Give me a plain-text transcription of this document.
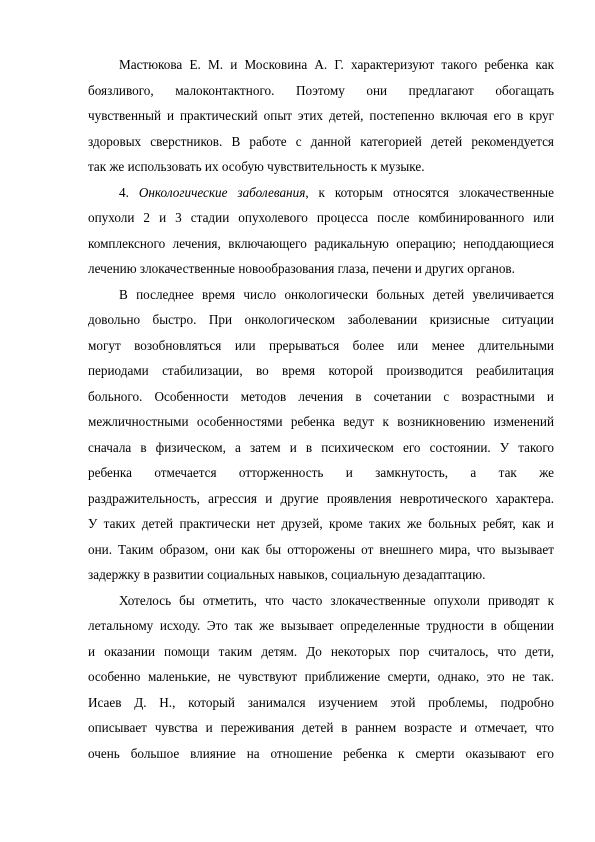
Мастюкова Е. М. и Московина А. Г. характеризуют такого ребенка как
боязливого, малоконтактного. Поэтому они предлагают обогащать
чувственный и практический опыт этих детей, постепенно включая его в круг
здоровых сверстников. В работе с данной категорией детей рекомендуется
так же использовать их особую чувствительность к музыке.

4. Онкологические заболевания, к которым относятся злокачественные
опухоли 2 и 3 стадии опухолевого процесса после комбинированного или
комплексного лечения, включающего радикальную операцию; неподдающиеся
лечению злокачественные новообразования глаза, печени и других органов.

В последнее время число онкологически больных детей увеличивается
довольно быстро. При онкологическом заболевании кризисные ситуации
могут возобновляться или прерываться более или менее длительными
периодами стабилизации, во время которой производится реабилитация
больного. Особенности методов лечения в сочетании с возрастными и
межличностными особенностями ребенка ведут к возникновению изменений
сначала в физическом, а затем и в психическом его состоянии. У такого
ребенка отмечается отторженность и замкнутость, а так же
раздражительность, агрессия и другие проявления невротического характера.
У таких детей практически нет друзей, кроме таких же больных ребят, как и
они. Таким образом, они как бы отторожены от внешнего мира, что вызывает
задержку в развитии социальных навыков, социальную дезадаптацию.

Хотелось бы отметить, что часто злокачественные опухоли приводят к
летальному исходу. Это так же вызывает определенные трудности в общении
и оказании помощи таким детям. До некоторых пор считалось, что дети,
особенно маленькие, не чувствуют приближение смерти, однако, это не так.
Исаев Д. Н., который занимался изучением этой проблемы, подробно
описывает чувства и переживания детей в раннем возрасте и отмечает, что
очень большое влияние на отношение ребенка к смерти оказывают его
